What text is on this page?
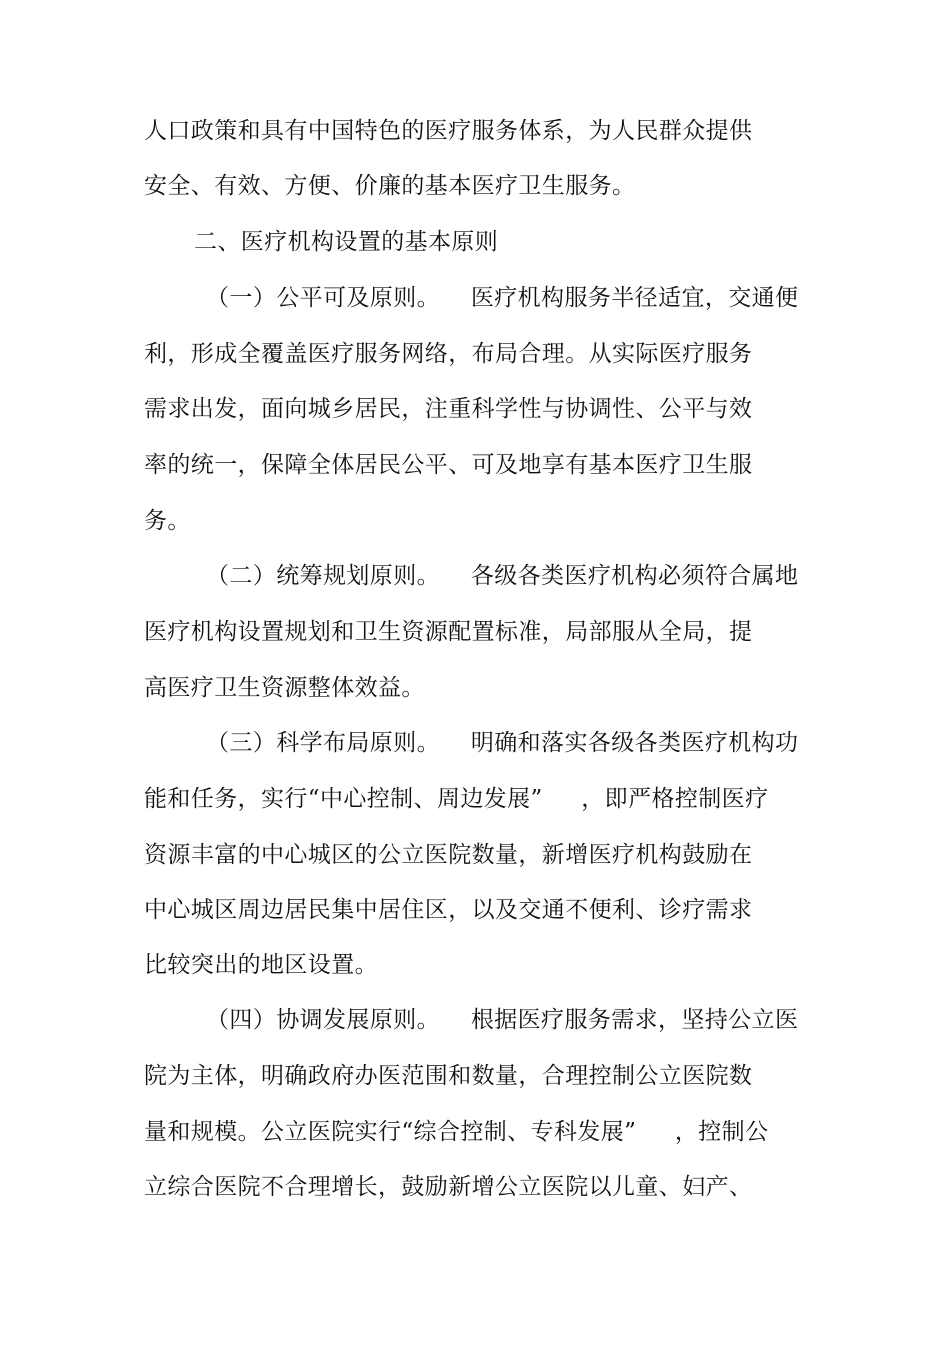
人口政策和具有中国特色的医疗服务体系，为人民群众提供
安全、有效、方便、价廉的基本医疗卫生服务。
二、医疗机构设置的基本原则
（一）公平可及原则。    医疗机构服务半径适宜，交通便
利，形成全覆盖医疗服务网络，布局合理。从实际医疗服务
需求出发，面向城乡居民，注重科学性与协调性、公平与效
率的统一，保障全体居民公平、可及地享有基本医疗卫生服
务。
（二）统筹规划原则。    各级各类医疗机构必须符合属地
医疗机构设置规划和卫生资源配置标准，局部服从全局，提
高医疗卫生资源整体效益。
（三）科学布局原则。    明确和落实各级各类医疗机构功
能和任务，实行“中心控制、周边发展”     ，即严格控制医疗
资源丰富的中心城区的公立医院数量，新增医疗机构鼓励在
中心城区周边居民集中居住区，以及交通不便利、诊疗需求
比较突出的地区设置。
（四）协调发展原则。    根据医疗服务需求，坚持公立医
院为主体，明确政府办医范围和数量，合理控制公立医院数
量和规模。公立医院实行“综合控制、专科发展”     ，控制公
立综合医院不合理增长，鼓励新增公立医院以儿童、妇产、
